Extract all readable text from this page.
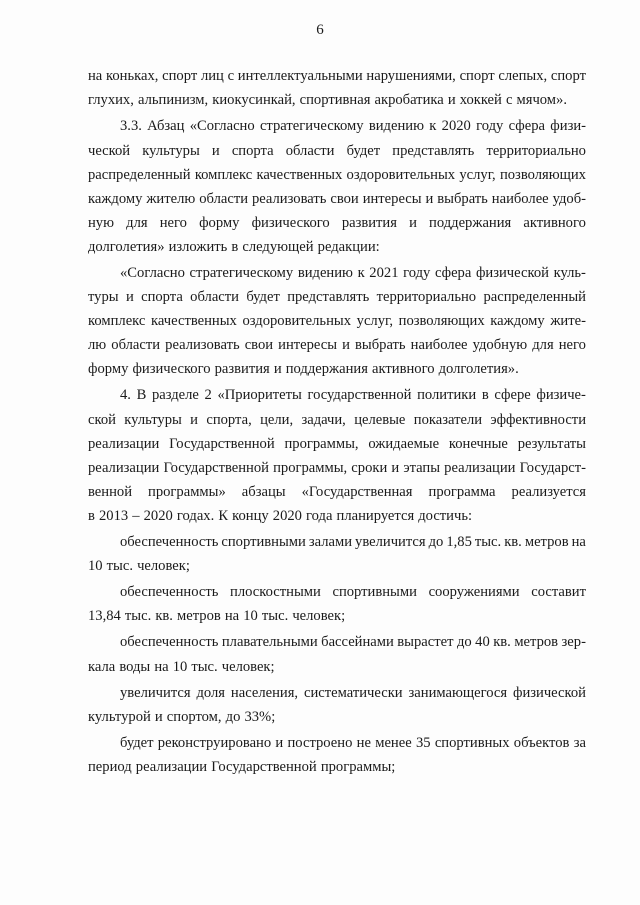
6
на коньках, спорт лиц с интеллектуальными нарушениями, спорт слепых, спорт
глухих, альпинизм, киокусинкай, спортивная акробатика и хоккей с мячом».
3.3. Абзац «Согласно стратегическому видению к 2020 году сфера физи-
ческой культуры и спорта области будет представлять территориально
распределенный комплекс качественных оздоровительных услуг, позволяющих
каждому жителю области реализовать свои интересы и выбрать наиболее удоб-
ную для него форму физического развития и поддержания активного
долголетия» изложить в следующей редакции:
«Согласно стратегическому видению к 2021 году сфера физической куль-
туры и спорта области будет представлять территориально распределенный
комплекс качественных оздоровительных услуг, позволяющих каждому жите-
лю области реализовать свои интересы и выбрать наиболее удобную для него
форму физического развития и поддержания активного долголетия».
4. В разделе 2 «Приоритеты государственной политики в сфере физиче-
ской культуры и спорта, цели, задачи, целевые показатели эффективности
реализации Государственной программы, ожидаемые конечные результаты
реализации Государственной программы, сроки и этапы реализации Государст-
венной программы» абзацы «Государственная программа реализуется
в 2013 – 2020 годах. К концу 2020 года планируется достичь:
обеспеченность спортивными залами увеличится до 1,85 тыс. кв. метров на
10 тыс. человек;
обеспеченность плоскостными спортивными сооружениями составит
13,84 тыс. кв. метров на 10 тыс. человек;
обеспеченность плавательными бассейнами вырастет до 40 кв. метров зер-
кала воды на 10 тыс. человек;
увеличится доля населения, систематически занимающегося физической
культурой и спортом, до 33%;
будет реконструировано и построено не менее 35 спортивных объектов за
период реализации Государственной программы;
